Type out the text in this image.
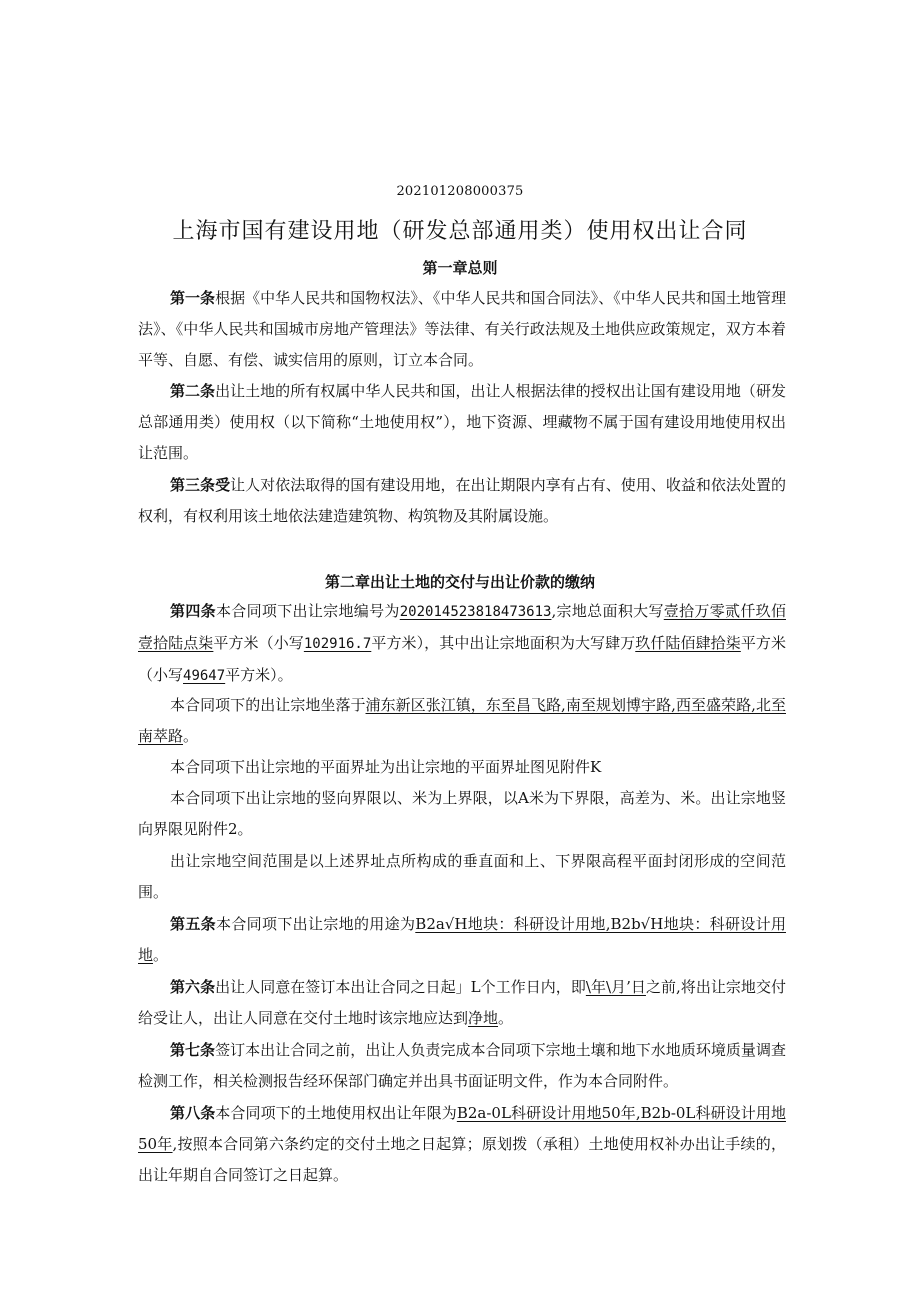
202101208000375
上海市国有建设用地（研发总部通用类）使用权出让合同
第一章总则
第一条根据《中华人民共和国物权法》、《中华人民共和国合同法》、《中华人民共和国土地管理法》、《中华人民共和国城市房地产管理法》等法律、有关行政法规及土地供应政策规定，双方本着平等、自愿、有偿、诚实信用的原则，订立本合同。
第二条出让土地的所有权属中华人民共和国，出让人根据法律的授权出让国有建设用地（研发总部通用类）使用权（以下简称“土地使用权”），地下资源、埋藏物不属于国有建设用地使用权出让范围。
第三条受让人对依法取得的国有建设用地，在出让期限内享有占有、使用、收益和依法处置的权利，有权利用该土地依法建造建筑物、构筑物及其附属设施。
第二章出让土地的交付与出让价款的缴纳
第四条本合同项下出让宗地编号为202014523818473613,宗地总面积大写壹拾万零贰仟玖佰壹拾陆点柒平方米（小写102916.7平方米），其中出让宗地面积为大写肆万玖仟陆佰肆拾柒平方米（小写49647平方米）。
本合同项下的出让宗地坐落于浦东新区张江镇，东至昌飞路,南至规划博宇路,西至盛荣路,北至南萃路。
本合同项下出让宗地的平面界址为出让宗地的平面界址图见附件K
本合同项下出让宗地的竖向界限以、米为上界限，以A米为下界限，高差为、米。出让宗地竖向界限见附件2。
出让宗地空间范围是以上述界址点所构成的垂直面和上、下界限高程平面封闭形成的空间范围。
第五条本合同项下出让宗地的用途为B2a√H地块：科研设计用地,B2b√H地块：科研设计用地。
第六条出让人同意在签订本出让合同之日起」L个工作日内，即\年\月’日之前,将出让宗地交付给受让人，出让人同意在交付土地时该宗地应达到净地。
第七条签订本出让合同之前，出让人负责完成本合同项下宗地土壤和地下水地质环境质量调查检测工作，相关检测报告经环保部门确定并出具书面证明文件，作为本合同附件。
第八条本合同项下的土地使用权出让年限为B2a-0L科研设计用地50年,B2b-0L科研设计用地50年,按照本合同第六条约定的交付土地之日起算；原划拨（承租）土地使用权补办出让手续的，出让年期自合同签订之日起算。
